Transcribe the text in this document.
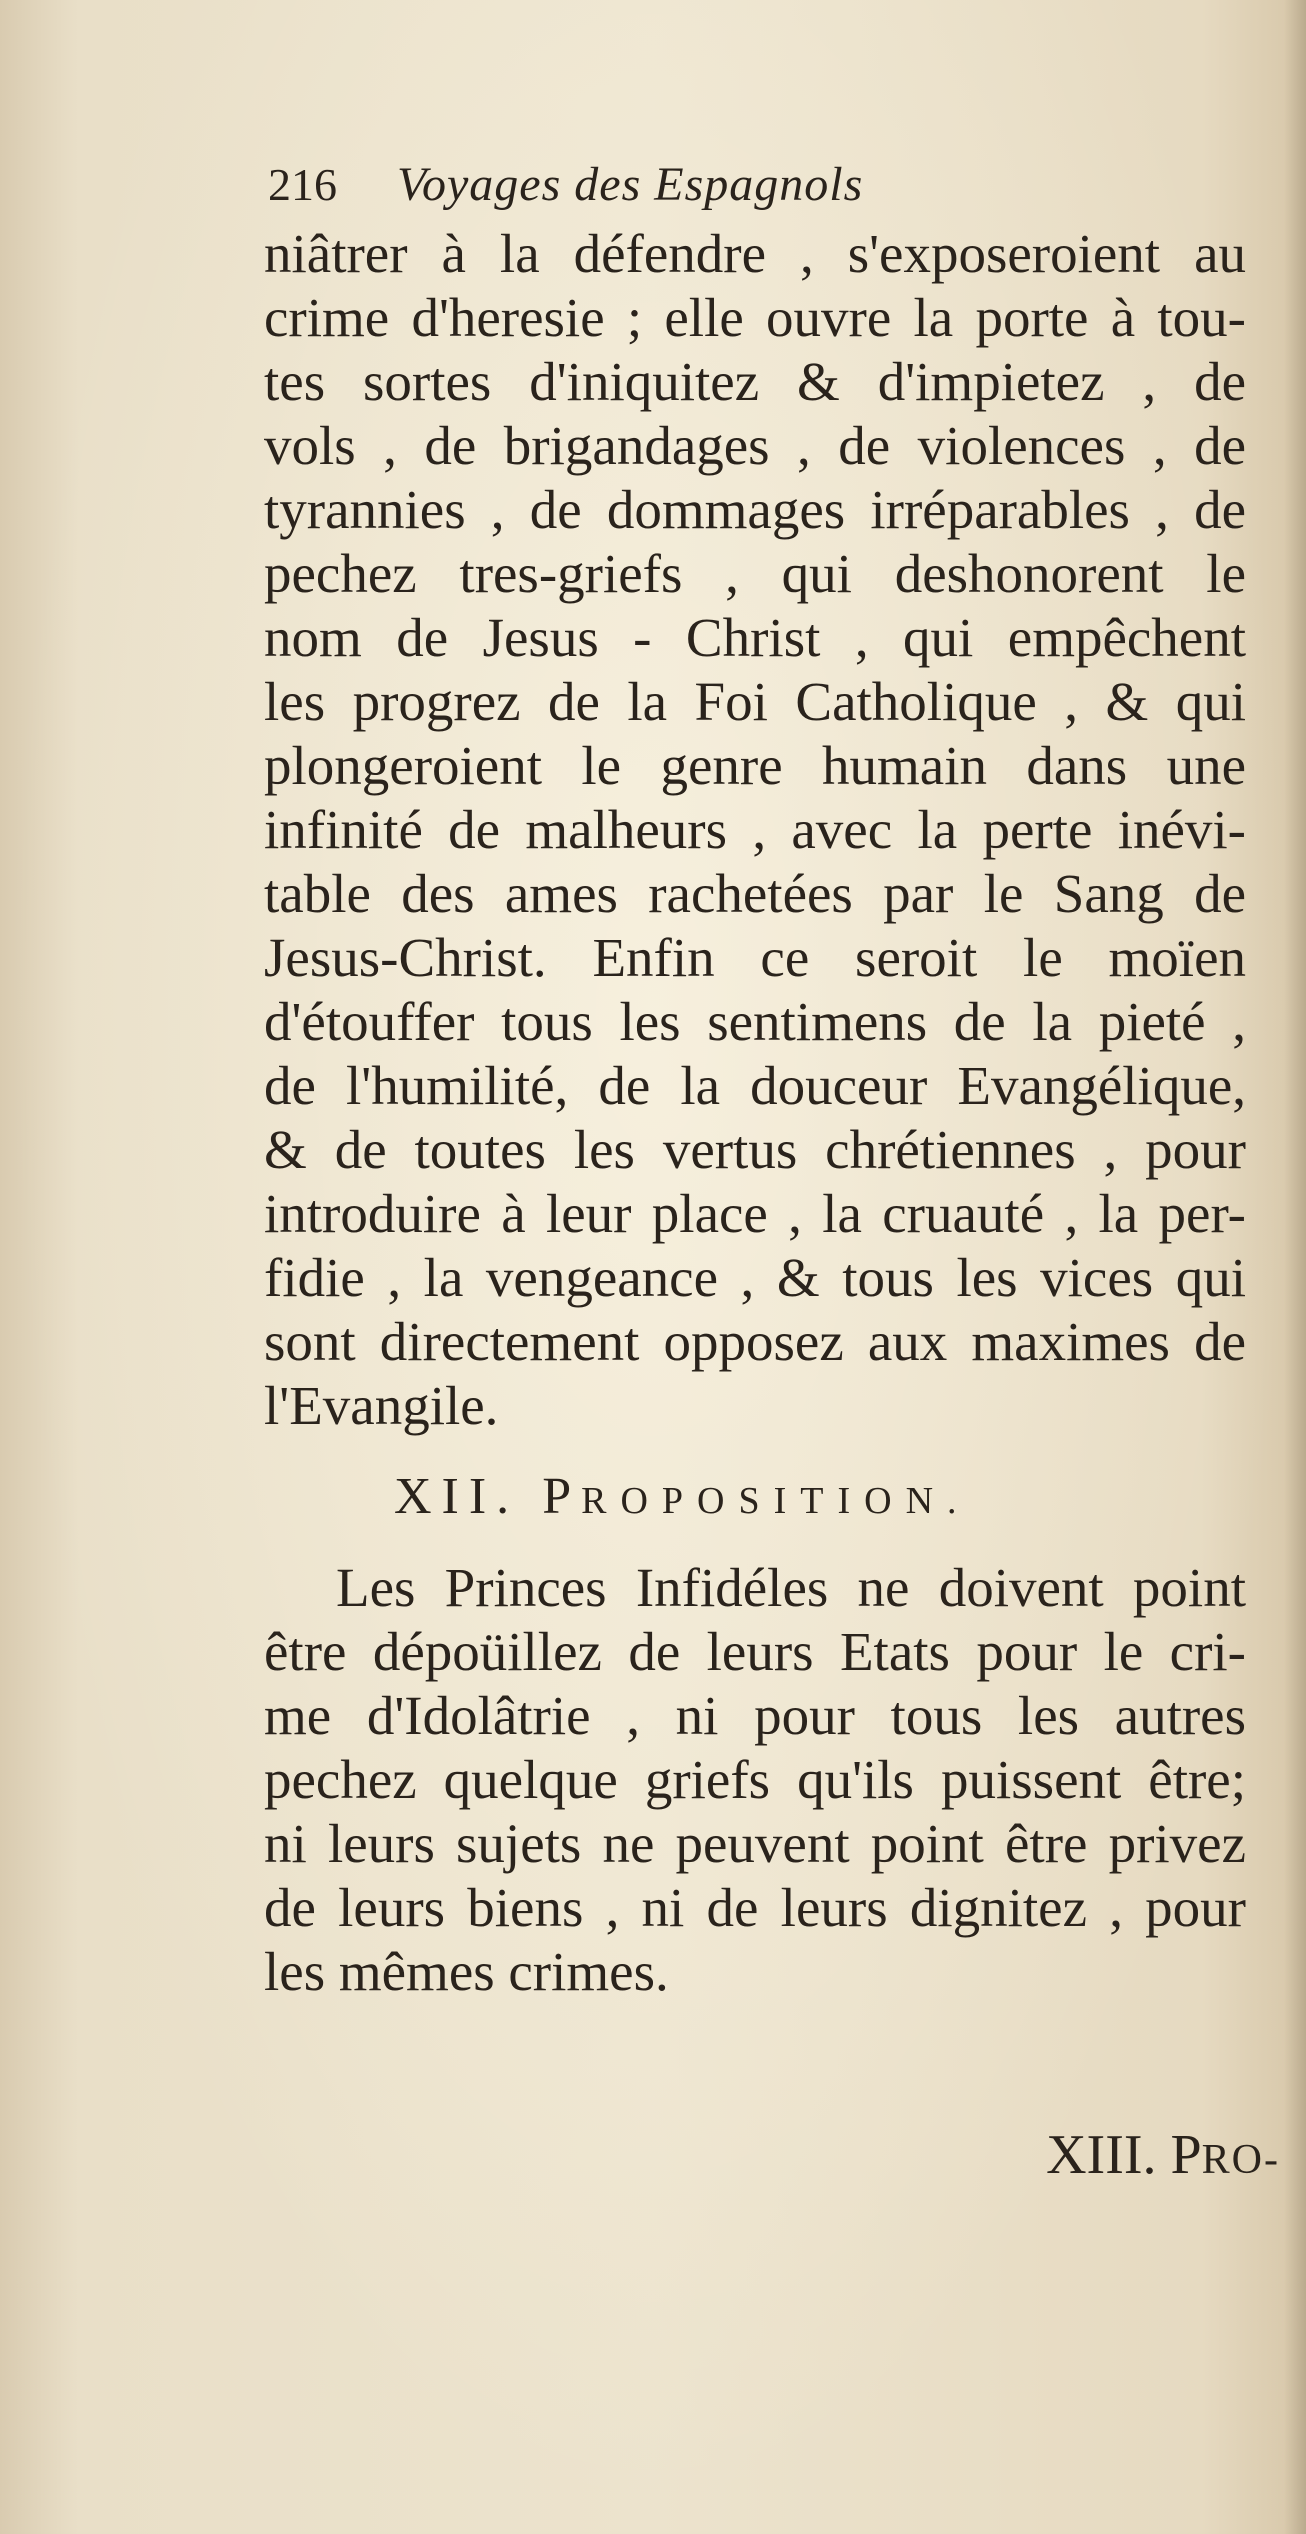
216 Voyages des Espagnols
niâtrer à la défendre , s'exposeroient au
crime d'heresie ; elle ouvre la porte à tou-
tes sortes d'iniquitez & d'impietez , de
vols , de brigandages , de violences , de
tyrannies , de dommages irréparables , de
pechez tres-griefs , qui deshonorent le
nom de Jesus - Christ , qui empêchent
les progrez de la Foi Catholique , & qui
plongeroient le genre humain dans une
infinité de malheurs , avec la perte inévi-
table des ames rachetées par le Sang de
Jesus-Christ. Enfin ce seroit le moïen
d'étouffer tous les sentimens de la pieté ,
de l'humilité, de la douceur Evangélique,
& de toutes les vertus chrétiennes , pour
introduire à leur place , la cruauté , la per-
fidie , la vengeance , & tous les vices qui
sont directement opposez aux maximes de
l'Evangile.
XII. PROPOSITION.
Les Princes Infidéles ne doivent point
être dépoüillez de leurs Etats pour le cri-
me d'Idolâtrie , ni pour tous les autres
pechez quelque griefs qu'ils puissent être;
ni leurs sujets ne peuvent point être privez
de leurs biens , ni de leurs dignitez , pour
les mêmes crimes.
XIII. PRO-
